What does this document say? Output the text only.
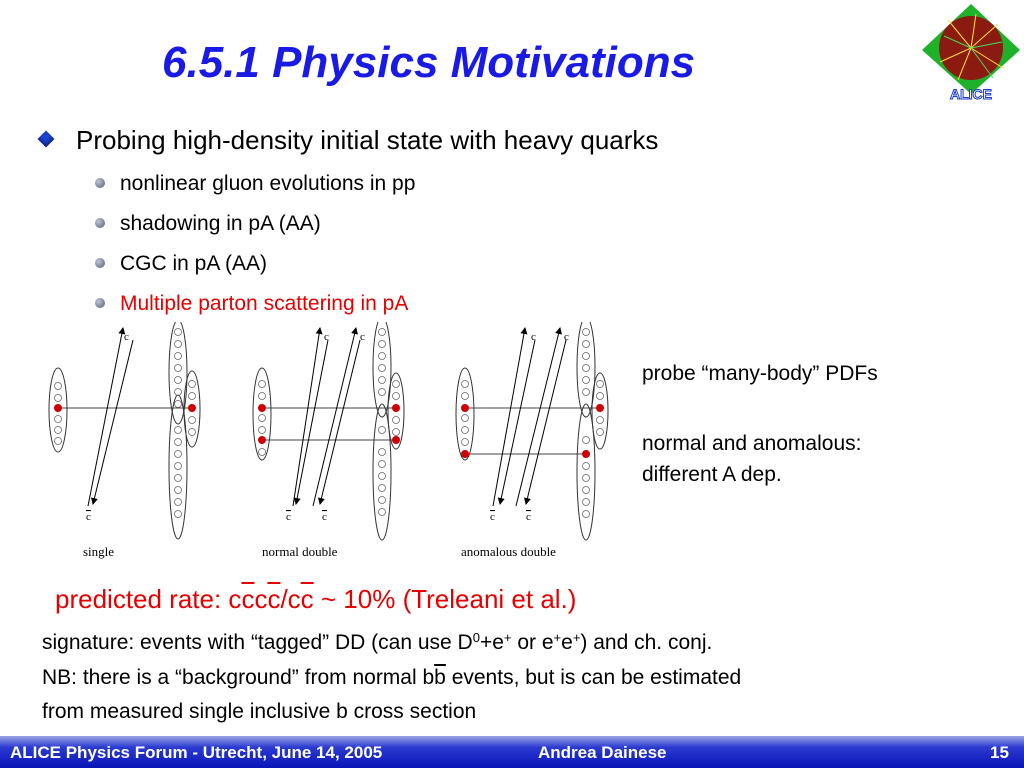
6.5.1 Physics Motivations
ALICE
Probing high-density initial state with heavy quarks
nonlinear gluon evolutions in pp
shadowing in pA (AA)
CGC in pA (AA)
Multiple parton scattering in pA
c
c
c	c
c	c
c	c
c	c
single	normal double	anomalous double
probe “many-body” PDFs
normal and anomalous:
different A dep.
predicted rate: $c\overline{c}c\overline{c}/c\overline{c}$ ~ 10% (Treleani et al.)
signature: events with “tagged” DD (can use $D^0+e^+$ or e+e+) and ch. conj.
NB: there is a “background” from normal $b\overline{b}$ events, but is can be estimated
from measured single inclusive b cross section
ALICE Physics Forum - Utrecht, June 14, 2005	Andrea Dainese	15
